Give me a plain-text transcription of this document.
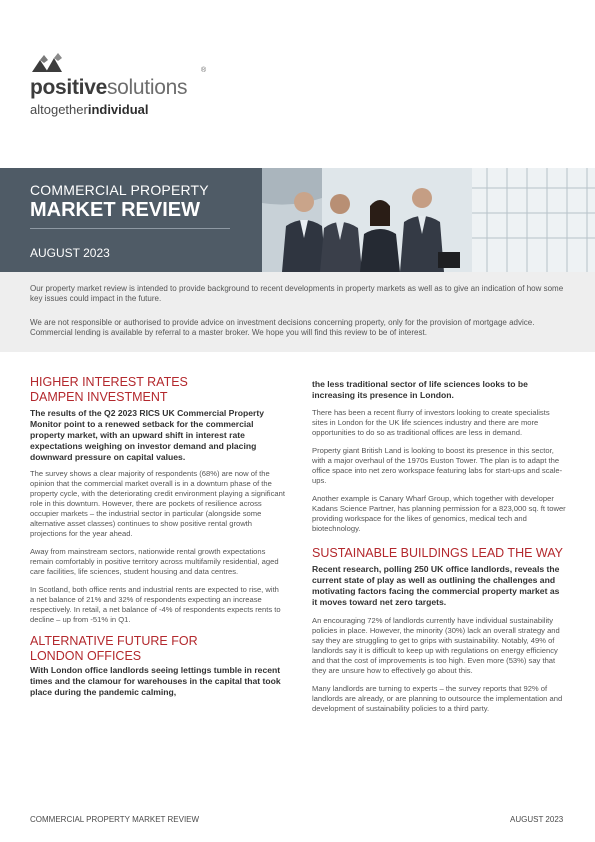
positivesolutions
®
altogetherindividual
COMMERCIAL PROPERTY
MARKET REVIEW
AUGUST 2023

Our property market review is intended to provide background to recent developments in property markets as well as to give an indication of how some key issues could impact in the future.

We are not responsible or authorised to provide advice on investment decisions concerning property, only for the provision of mortgage advice. Commercial lending is available by referral to a master broker. We hope you will find this review to be of interest.

HIGHER INTEREST RATES
DAMPEN INVESTMENT

The results of the Q2 2023 RICS UK Commercial Property Monitor point to a renewed setback for the commercial property market, with an upward shift in interest rate expectations weighing on investor demand and placing downward pressure on capital values.

The survey shows a clear majority of respondents (68%) are now of the opinion that the commercial market overall is in a downturn phase of the property cycle, with the deteriorating credit environment playing a significant role in this downturn. However, there are pockets of resilience across occupier markets – the industrial sector in particular (alongside some alternative asset classes) continues to show positive rental growth projections for the year ahead.

Away from mainstream sectors, nationwide rental growth expectations remain comfortably in positive territory across multifamily residential, aged care facilities, life sciences, student housing and data centres.

In Scotland, both office rents and industrial rents are expected to rise, with a net balance of 21% and 32% of respondents expecting an increase respectively. In retail, a net balance of -4% of respondents expects rents to decline – up from -51% in Q1.

ALTERNATIVE FUTURE FOR
LONDON OFFICES

With London office landlords seeing lettings tumble in recent times and the clamour for warehouses in the capital that took place during the pandemic calming,

the less traditional sector of life sciences looks to be increasing its presence in London.

There has been a recent flurry of investors looking to create specialists sites in London for the UK life sciences industry and there are more opportunities to do so as traditional offices are less in demand.

Property giant British Land is looking to boost its presence in this sector, with a major overhaul of the 1970s Euston Tower. The plan is to adapt the office space into net zero workspace featuring labs for start-ups and scale-ups.

Another example is Canary Wharf Group, which together with developer Kadans Science Partner, has planning permission for a 823,000 sq. ft tower providing workspace for the likes of genomics, medical tech and biotechnology.

SUSTAINABLE BUILDINGS LEAD THE WAY

Recent research, polling 250 UK office landlords, reveals the current state of play as well as outlining the challenges and motivating factors facing the commercial property market as it moves toward net zero targets.

An encouraging 72% of landlords currently have individual sustainability policies in place. However, the minority (30%) lack an overall strategy and say they are struggling to get to grips with sustainability. Notably, 49% of landlords say it is difficult to keep up with regulations on energy efficiency and that the cost of improvements is too high. Even more (53%) say that they are unsure how to effectively go about this.

Many landlords are turning to experts – the survey reports that 92% of landlords are already, or are planning to outsource the implementation and development of sustainability policies to a third party.

COMMERCIAL PROPERTY MARKET REVIEW	AUGUST 2023
